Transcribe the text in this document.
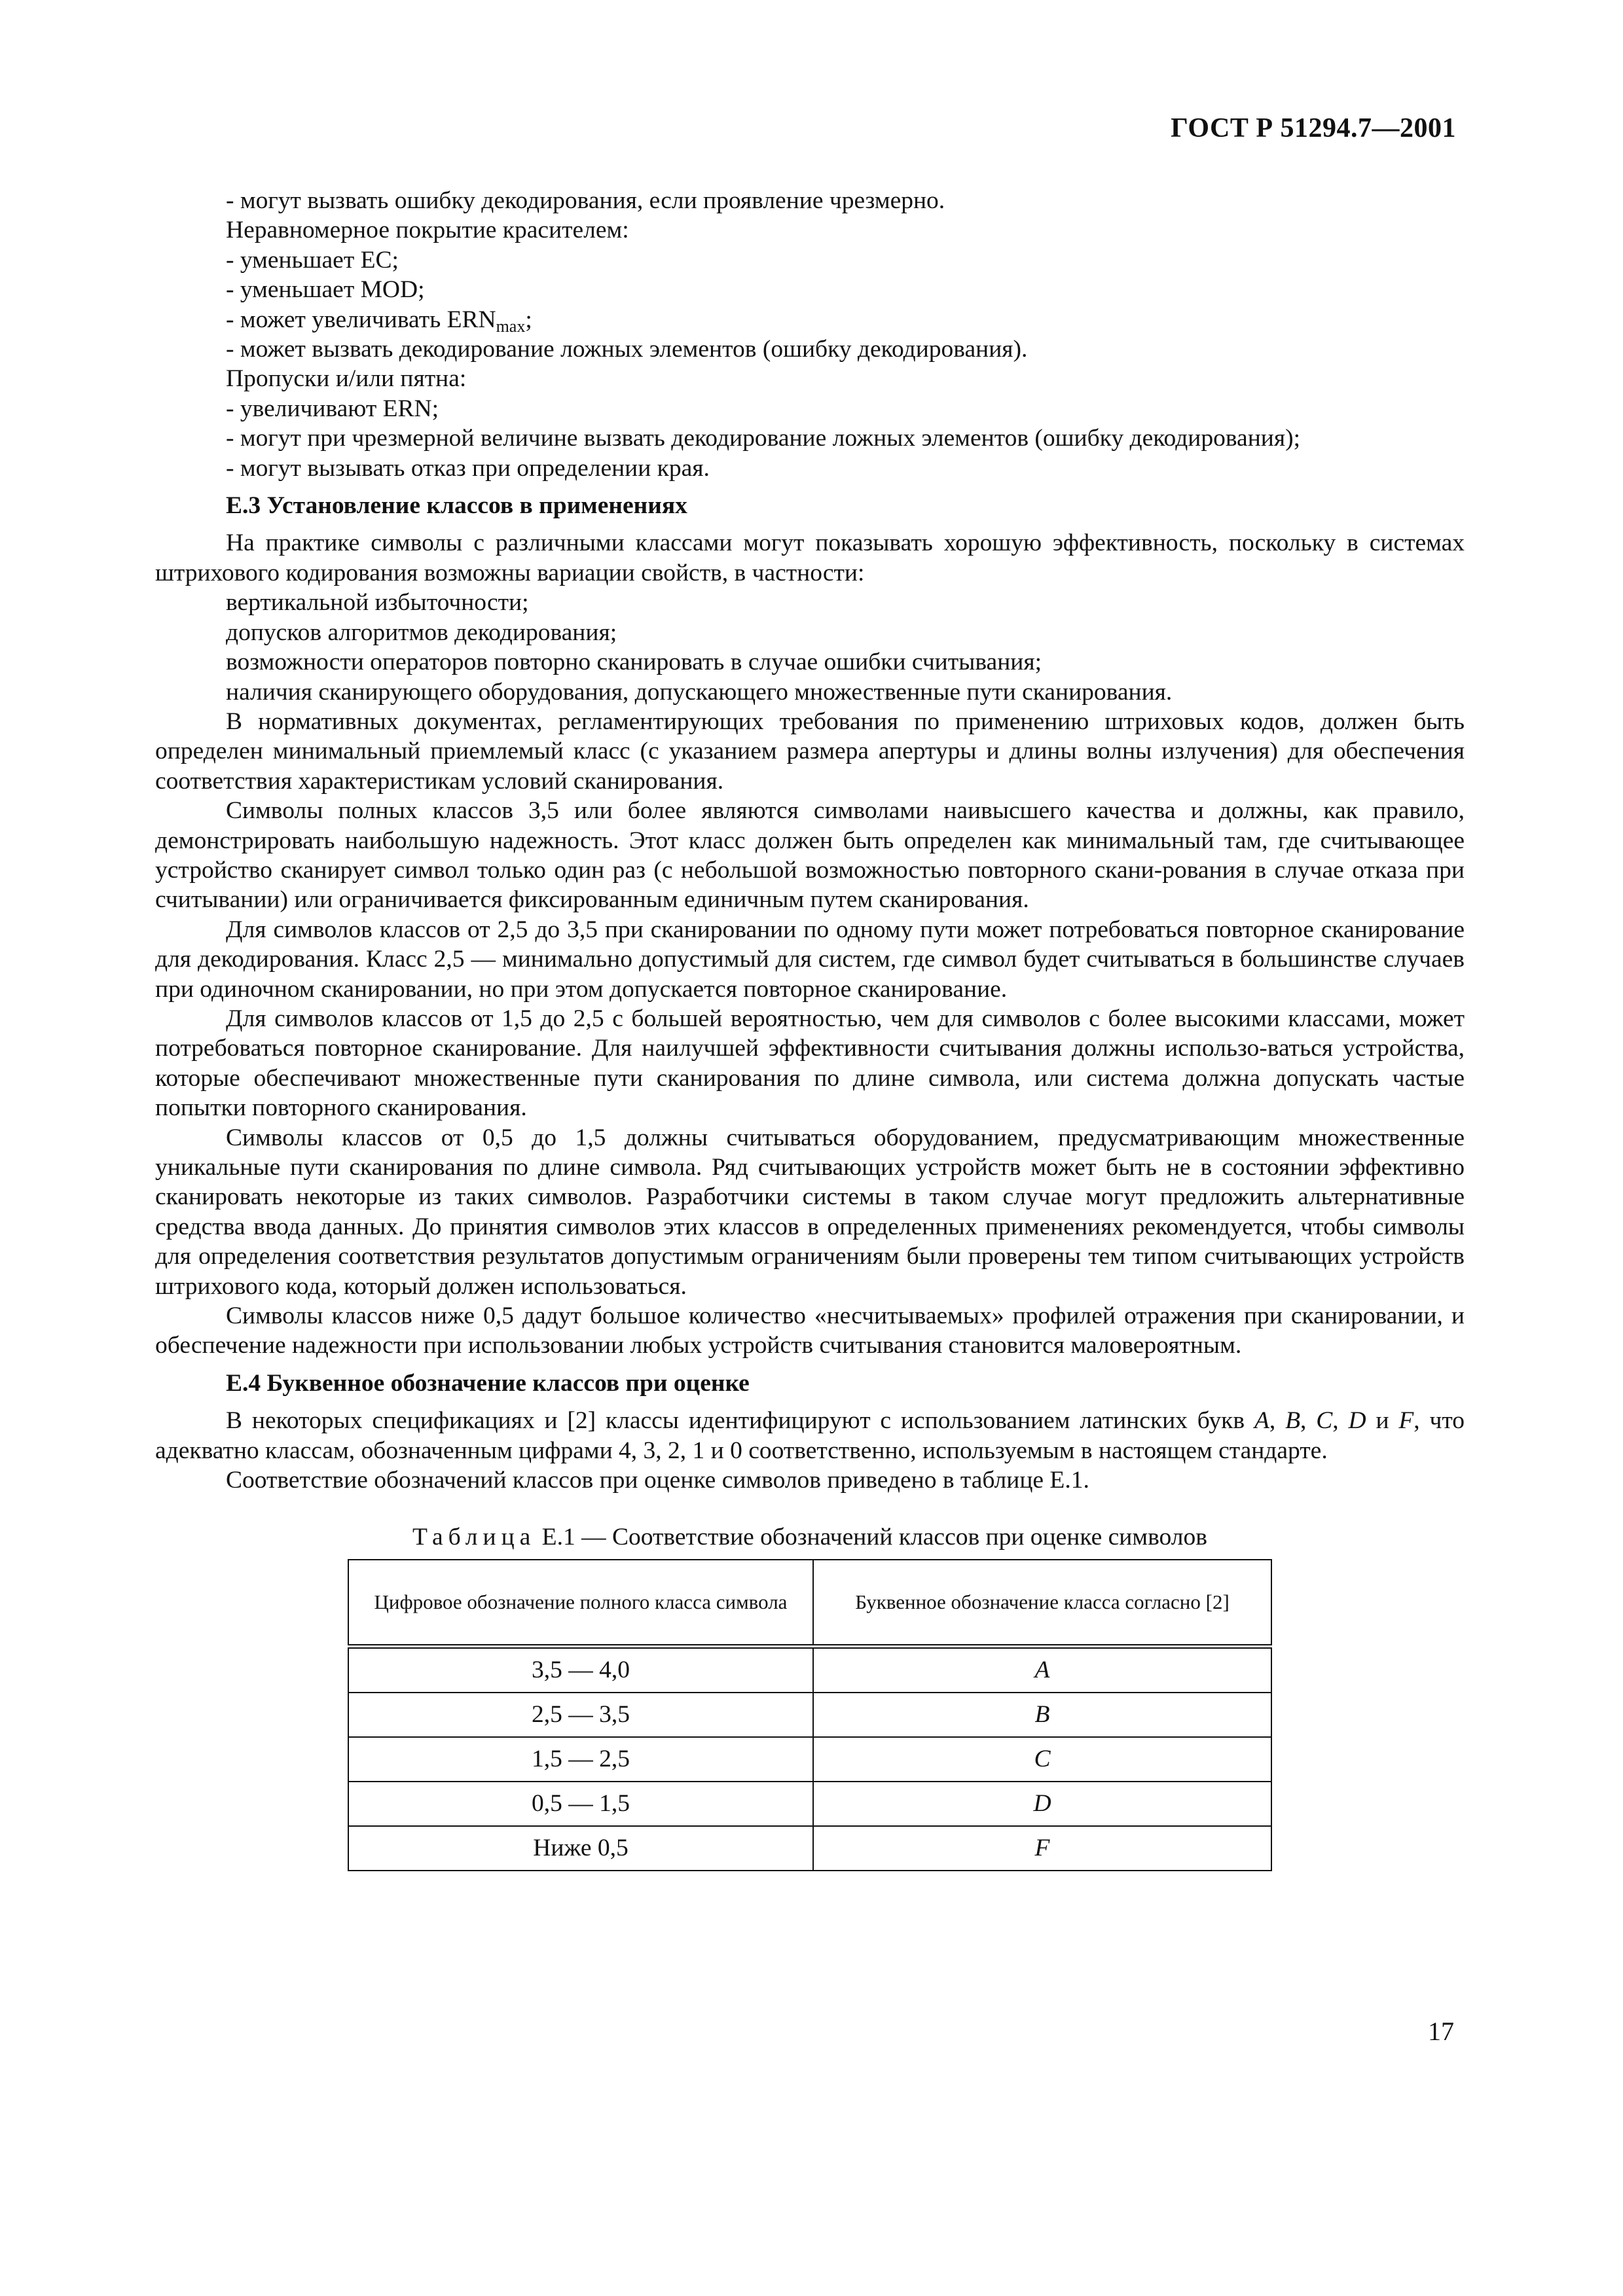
ГОСТ Р 51294.7—2001

- могут вызвать ошибку декодирования, если проявление чрезмерно.

Неравномерное покрытие красителем:

- уменьшает EC;

- уменьшает MOD;

- может увеличивать $ERN_{max}$;

- может вызвать декодирование ложных элементов (ошибку декодирования).

Пропуски и/или пятна:

- увеличивают ERN;

- могут при чрезмерной величине вызвать декодирование ложных элементов (ошибку декодирования);

- могут вызывать отказ при определении края.

Е.3 Установление классов в применениях

На практике символы с различными классами могут показывать хорошую эффективность, поскольку в системах штрихового кодирования возможны вариации свойств, в частности:

вертикальной избыточности;

допусков алгоритмов декодирования;

возможности операторов повторно сканировать в случае ошибки считывания;

наличия сканирующего оборудования, допускающего множественные пути сканирования.

В нормативных документах, регламентирующих требования по применению штриховых кодов, должен быть определен минимальный приемлемый класс (с указанием размера апертуры и длины волны излучения) для обеспечения соответствия характеристикам условий сканирования.

Символы полных классов 3,5 или более являются символами наивысшего качества и должны, как правило, демонстрировать наибольшую надежность. Этот класс должен быть определен как минимальный там, где считывающее устройство сканирует символ только один раз (с небольшой возможностью повторного скани-рования в случае отказа при считывании) или ограничивается фиксированным единичным путем сканирования.

Для символов классов от 2,5 до 3,5 при сканировании по одному пути может потребоваться повторное сканирование для декодирования. Класс 2,5 — минимально допустимый для систем, где символ будет считываться в большинстве случаев при одиночном сканировании, но при этом допускается повторное сканирование.

Для символов классов от 1,5 до 2,5 с большей вероятностью, чем для символов с более высокими классами, может потребоваться повторное сканирование. Для наилучшей эффективности считывания должны использо-ваться устройства, которые обеспечивают множественные пути сканирования по длине символа, или система должна допускать частые попытки повторного сканирования.

Символы классов от 0,5 до 1,5 должны считываться оборудованием, предусматривающим множественные уникальные пути сканирования по длине символа. Ряд считывающих устройств может быть не в состоянии эффективно сканировать некоторые из таких символов. Разработчики системы в таком случае могут предложить альтернативные средства ввода данных. До принятия символов этих классов в определенных применениях рекомендуется, чтобы символы для определения соответствия результатов допустимым ограничениям были проверены тем типом считывающих устройств штрихового кода, который должен использоваться.

Символы классов ниже 0,5 дадут большое количество «несчитываемых» профилей отражения при сканировании, и обеспечение надежности при использовании любых устройств считывания становится маловероятным.

Е.4 Буквенное обозначение классов при оценке

В некоторых спецификациях и [2] классы идентифицируют с использованием латинских букв A, B, C, D и F, что адекватно классам, обозначенным цифрами 4, 3, 2, 1 и 0 соответственно, используемым в настоящем стандарте.

Соответствие обозначений классов при оценке символов приведено в таблице Е.1.

Таблица Е.1 — Соответствие обозначений классов при оценке символов

Цифровое обозначение полного класса символа	Буквенное обозначение класса согласно [2]
3,5 — 4,0	A
2,5 — 3,5	B
1,5 — 2,5	C
0,5 — 1,5	D
Ниже 0,5	F
17
